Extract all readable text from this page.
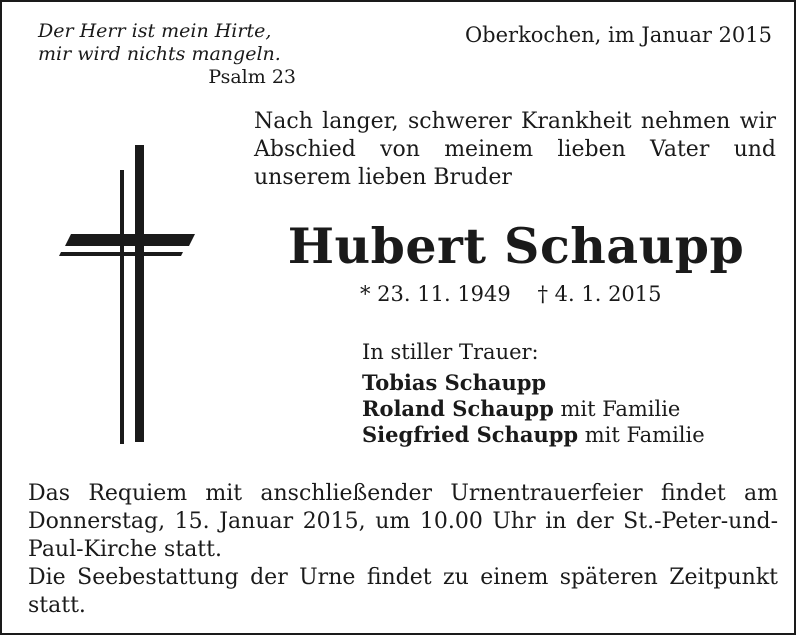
Der Herr ist mein Hirte,
mir wird nichts mangeln.
Psalm 23
Oberkochen, im Januar 2015
Nach langer, schwerer Krankheit nehmen wir Abschied von meinem lieben Vater und unserem lieben Bruder
Hubert Schaupp
* 23. 11. 1949 † 4. 1. 2015
In stiller Trauer:
Tobias Schaupp
Roland Schaupp mit Familie
Siegfried Schaupp mit Familie

Das Requiem mit anschließender Urnentrauerfeier findet am Donnerstag, 15. Januar 2015, um 10.00 Uhr in der St.-Peter-und-Paul-Kirche statt.

Die Seebestattung der Urne findet zu einem späteren Zeitpunkt statt.
